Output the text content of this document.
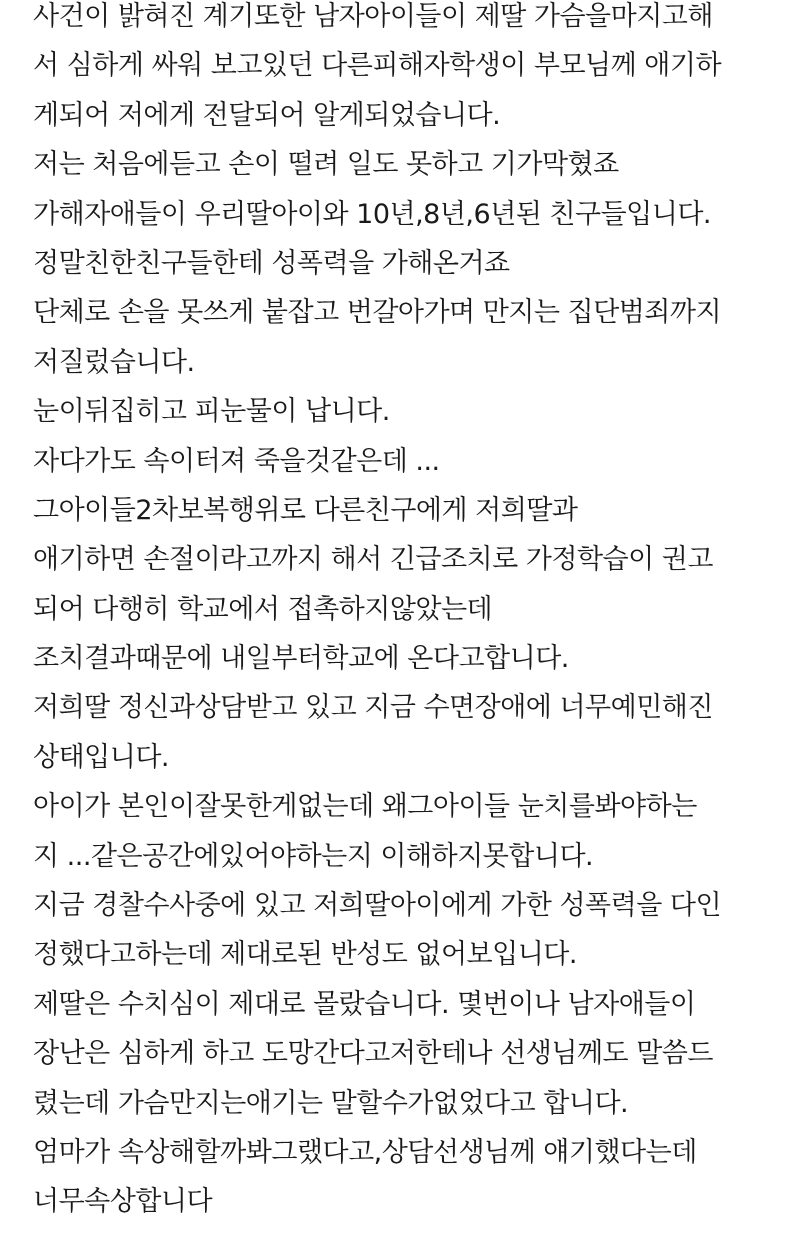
사건이 밝혀진 계기또한 남자아이들이 제딸 가슴을마지고해
서 심하게 싸워 보고있던 다른피해자학생이 부모님께 애기하
게되어 저에게 전달되어 알게되었습니다.
저는 처음에듣고 손이 떨려 일도 못하고 기가막혔죠
가해자애들이 우리딸아이와 10년,8년,6년된 친구들입니다.
정말친한친구들한테 성폭력을 가해온거죠
단체로 손을 못쓰게 붙잡고 번갈아가며 만지는 집단범죄까지
저질렀습니다.
눈이뒤집히고 피눈물이 납니다.
자다가도 속이터져 죽을것같은데 ...
그아이들2차보복행위로 다른친구에게 저희딸과
애기하면 손절이라고까지 해서 긴급조치로 가정학습이 권고
되어 다행히 학교에서 접촉하지않았는데
조치결과때문에 내일부터학교에 온다고합니다.
저희딸 정신과상담받고 있고 지금 수면장애에 너무예민해진
상태입니다.
아이가 본인이잘못한게없는데 왜그아이들 눈치를봐야하는
지 ...같은공간에있어야하는지 이해하지못합니다.
지금 경찰수사중에 있고 저희딸아이에게 가한 성폭력을 다인
정했다고하는데 제대로된 반성도 없어보입니다.
제딸은 수치심이 제대로 몰랐습니다. 몇번이나 남자애들이
장난은 심하게 하고 도망간다고저한테나 선생님께도 말씀드
렸는데 가슴만지는애기는 말할수가없었다고 합니다.
엄마가 속상해할까봐그랬다고,상담선생님께 얘기했다는데
너무속상합니다
